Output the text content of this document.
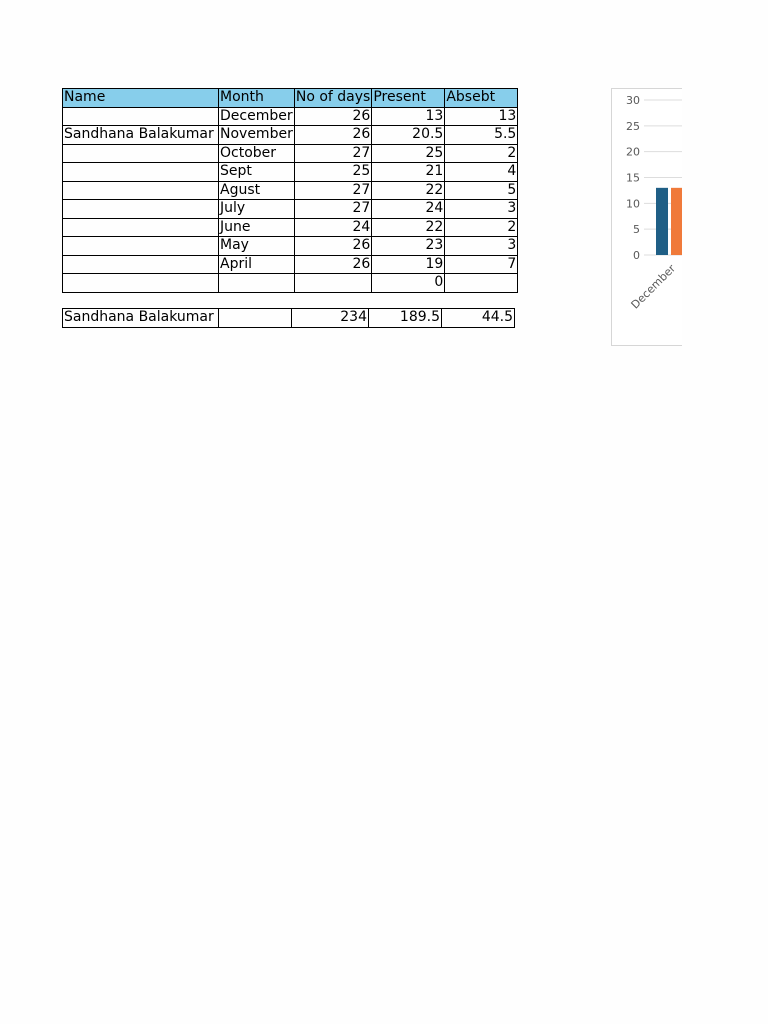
Name	Month	No of days	Present	Absebt
	December	26	13	13
Sandhana Balakumar	November	26	20.5	5.5
	October	27	25	2
	Sept	25	21	4
	Agust	27	22	5
	July	27	24	3
	June	24	22	2
	May	26	23	3
	April	26	19	7
			0	
Sandhana Balakumar		234	189.5	44.5
0
5
10
15
20
25
30
December
